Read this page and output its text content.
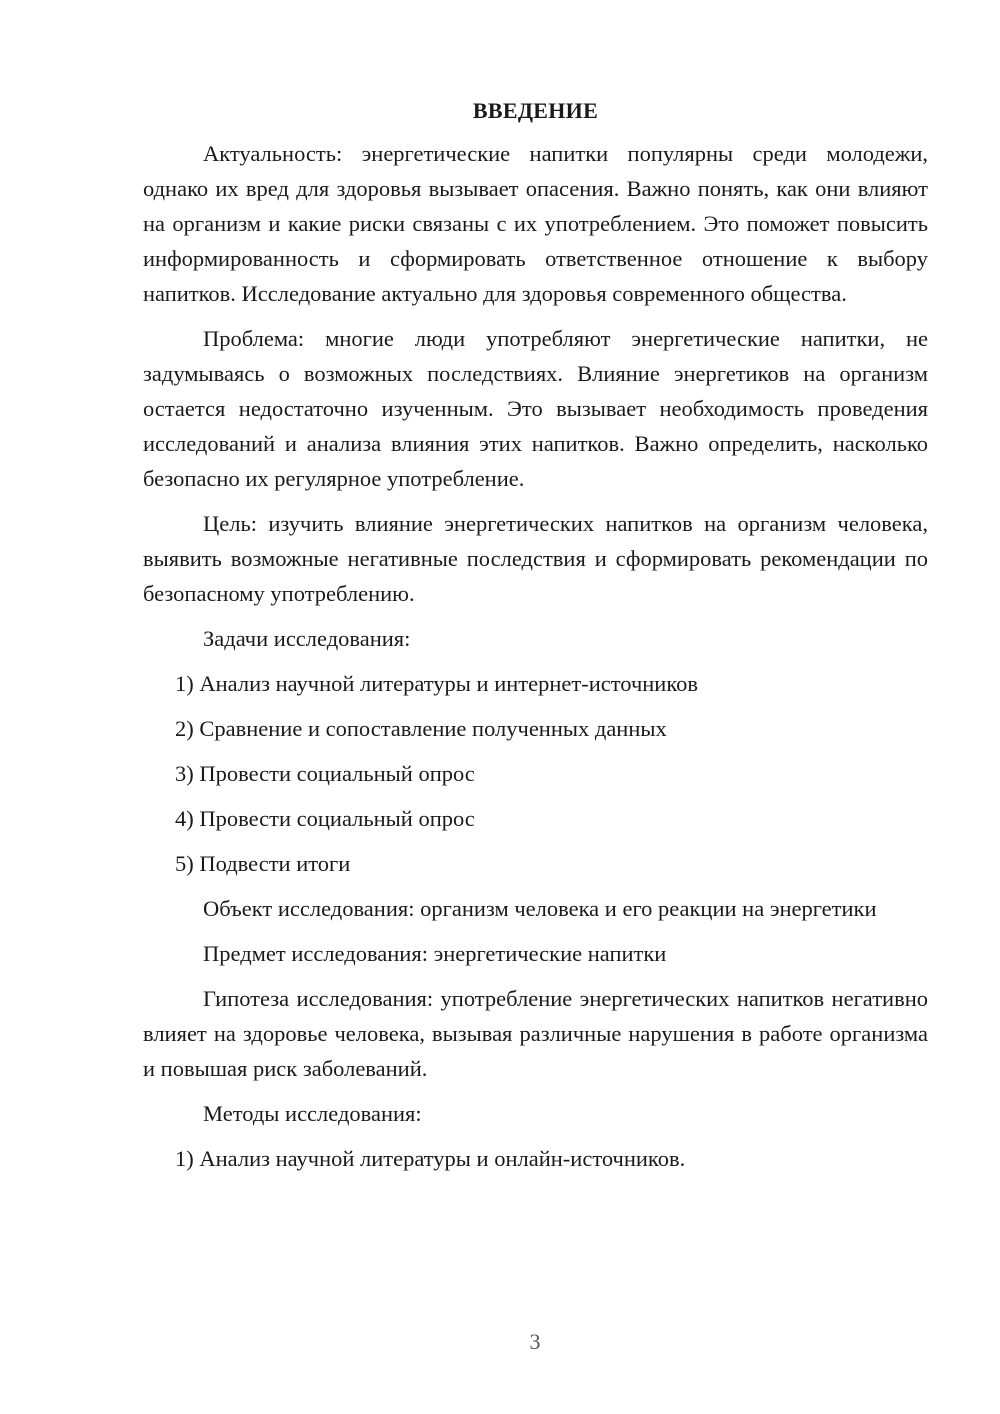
ВВЕДЕНИЕ

Актуальность: энергетические напитки популярны среди молодежи, однако их вред для здоровья вызывает опасения. Важно понять, как они влияют на организм и какие риски связаны с их употреблением. Это поможет повысить информированность и сформировать ответственное отношение к выбору напитков. Исследование актуально для здоровья современного общества.

Проблема: многие люди употребляют энергетические напитки, не задумываясь о возможных последствиях. Влияние энергетиков на организм остается недостаточно изученным. Это вызывает необходимость проведения исследований и анализа влияния этих напитков. Важно определить, насколько безопасно их регулярное употребление.

Цель: изучить влияние энергетических напитков на организм человека, выявить возможные негативные последствия и сформировать рекомендации по безопасному употреблению.

Задачи исследования:
1) Анализ научной литературы и интернет-источников
2) Сравнение и сопоставление полученных данных
3) Провести социальный опрос
4) Провести социальный опрос
5) Подвести итоги

Объект исследования: организм человека и его реакции на энергетики

Предмет исследования: энергетические напитки

Гипотеза исследования: употребление энергетических напитков негативно влияет на здоровье человека, вызывая различные нарушения в работе организма и повышая риск заболеваний.

Методы исследования:
1) Анализ научной литературы и онлайн-источников.
3
